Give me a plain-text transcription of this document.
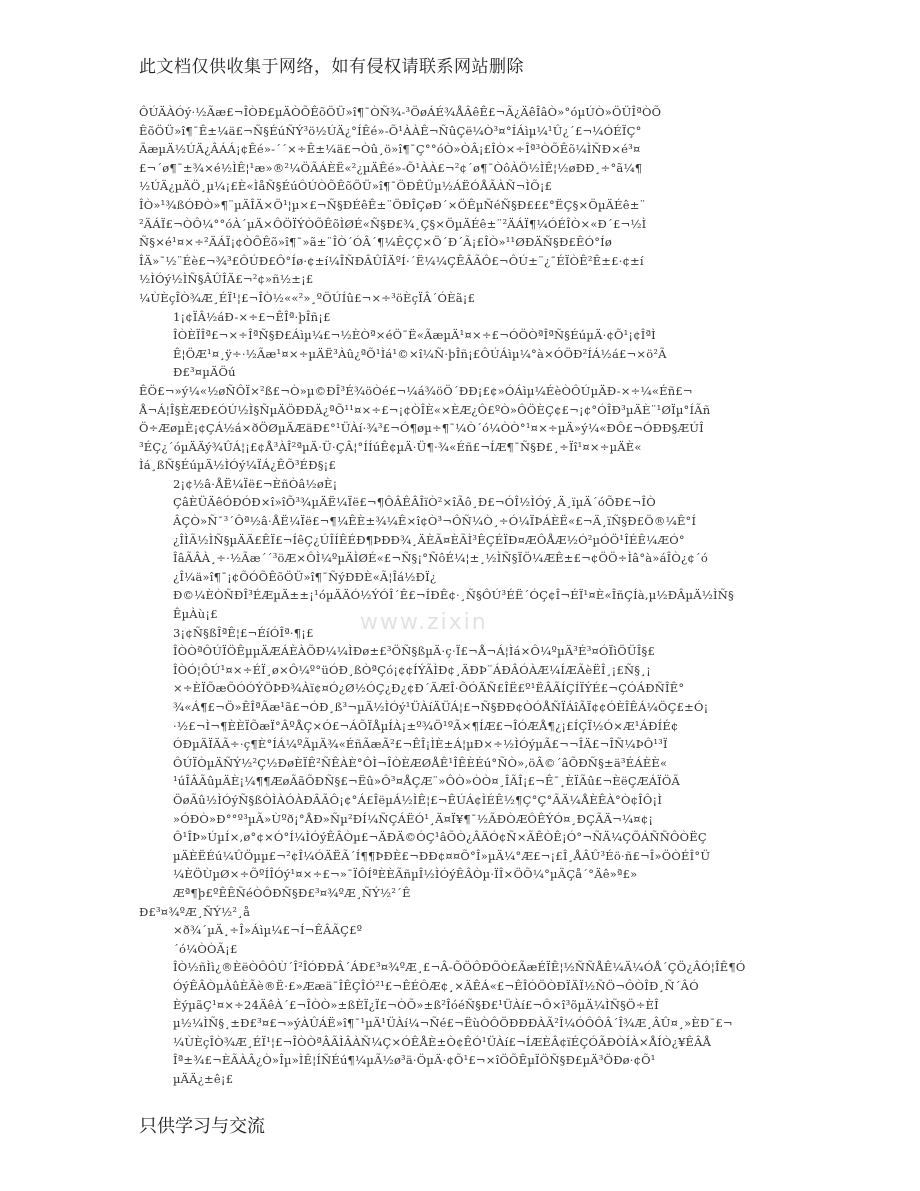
此文档仅供收集于网络，如有侵权请联系网站删除
www.zixin
ÔÚÄÀÓý·½Ãæ£¬ÎÒÐ£µÄÒÕÊõÖÜ»î¶¯ÒÑ¾-³ÖøÁÉ¾ÅÂêÊ£¬Ã¿ÄêÎâÒ»°óµÚÒ»ÖÜÎªÒÕ
ÊõÖÜ»î¶¯Ê±¼ä£¬Ñ§ÉúÑÝ³ö½ÚÄ¿°ÍÊé»-Õ¹ÀÀÊ¬ÑûÇë¼Ò³¤°ÍÁìµ¼¹Û¿´£¬¼ÓÉÏÇ°
ÃæµÄ½ÚÄ¿ÂÁÁ¡¢Êé»-´´×÷Ê±¼ä£¬Òû¸ö»î¶¯Ç°°óÒ»ÒÂ¡£ÎÒ×÷Îª³ÒÕÊõ¼ÌÑÐ×é³¤
£¬´ø¶¯±¾×é½ÌÊ¦¹æ»®²¼ÖÃÁÈË«²¿µÄÊé»-Õ¹ÀÀ£¬²¢´ø¶¯ÒôÀÖ½ÌÊ¦½øÐÐ¸÷°ã¼¶
½ÚÄ¿µÄÖ¸µ¼¡£È«ÌåÑ§ÉúÔÚÒÕÊõÖÜ»î¶¯ÖÐÊÜµ½ÁËÓÅÃÀÑ¬ÌÕ¡£
ÎÒ»¹¾ßÓÐÒ»¶¨µÄÎÄ×Ö¹¦µ×£¬Ñ§ÐÉêÊ±¨ÖÐÎÇøÐ´×ÖÊµÑéÑ§Ð£££°ËÇ§×ÖµÄÉê±¨
²ÄÁÏ£¬ÒÔ¼°°óÀ´µÄ×ÔÖÏÝÒÕÊõÌØÉ«Ñ§Ð£¾¸Ç§×ÖµÄÉê±¨²ÄÁÏ¶¼ÓÉÎÒ×«Ð´£¬½Ì
Ñ§×é¹¤×÷²ÄÁÏ¡¢ÒÕÊõ»î¶¯»ã±¨ÎÒ´ÓÂ´¶¼ÊÇÇ×Ö´Ð´Ã¡£ÎÒ»¹¹ØÐÄÑ§Ð£ÊÓ°Íø
ÎÄ»¯½¨Éè£¬¾³£ÔÚÐ£Ô°Íø·¢±í¼ÎÑÐÂÛÎÄºÍ·´Ë¼¼ÇÊÂÃÔ£¬ÔÚ±¨¿¯ÉÏÒÊ²Ê±£·¢±í
½ÌÓý½ÌÑ§ÂÛÎÄ£¬²¢»ñ½±¡£
¼ÙÈçÎÒ¾Æ¸ÉÏ¹¦£¬ÎÒ½««²»¸ºÖÚÍû£¬×÷³öÈçÏÂ´ÓÈã¡£
1¡¢ÏÂ½áÐ-×÷£¬ÊÎª·þÎñ¡£
ÎÒÈÏÎª£¬×÷ÎªÑ§Ð£Áìµ¼£¬½ÈÒª×éÖ¯Ë«ÃæµÄ¹¤×÷£¬ÓÖÒªÎªÑ§ÉúµÄ·¢Õ¹¡¢ÎªÌ
Ê¦ÖÆ¹¤¸ÿ÷·½Ãæ¹¤×÷µÄË³Àû¿ªÕ¹Ìá¹©×î¼Ñ·þÎñ¡£ÔÚÁìµ¼°à×ÓÖÐ²ÍÁ½á£¬×ö²Ã
Ð£³¤µÄÖú
ÊÖ£¬»ý¼«½øÑÔÏ×²ß£¬Ò»µ©ÐÎ³É¾öÒé£¬¼á¾öÖ´ÐÐ¡£¢»ÓÁìµ¼ÉèÒÔÚµÄÐ-×÷¼«Éñ£¬
Å¬Á¦Î§ÈÆÐ£ÓÚ½Ì§ÑµÄÖÐÐÄ¿ªÕ¹¹¤×÷£¬¡¢ÒÎÈ«×ÈÆ¿Ô£ºÒ»ÔÖÈÇ¢£¬¡¢°ÓÎÐ³µÄÈ¨¹ØÏµ°ÍÃñ
Ö÷ÆøµÈ¡¢ÇÁ½á×ðÖØµÄÆäÐ£°¹ÜÀí·¾³£¬Ó¶øµ÷¶¯¼Ò´ó¼ÒÒ°¹¤×÷µÄ»ý¼«ÐÔ£¬ÓÐÐ§ÆÚÎ
³ÉÇ¿´óµÄÄý¾ÛÁ¦¡£¢Å³ÀÎ²ªµÄ·Ü·ÇÂ¦°ÍÍúÊ¢µÄ·Ü¶·¾«Éñ£¬ÍÆ¶¯Ñ§Ð£¸÷Ïî¹¤×÷µÄÈ«
Ìá¸ßÑ§ÉúµÄ½ÌÓý¼ÏÁ¿ÊÕ³ÉÐ§¡£
2¡¢½â·ÅË¼Ïë£¬ÈñÒâ½øÈ¡
ÇâÈÜÄêÓÐÓÐ×î»îÕ³¾µÄË¼Ïë£¬¶ÔÂÊÂÎïÒ²×îÃô¸Ð£¬ÓÎ½ÌÓý¸Ä¸ïµÄ´óÕÐ£¬ÎÒ
ÂÇÒ»Ñ¯³´Ôª½â·ÅË¼Ïë£¬¶¼ÊÈ±¾¼Ê×î¢Ò³¬ÔÑ¼Ò¸÷Ó¼ÏÞÁÈË«£¬Ä¸ïÑ§Ð£Ö®¼Ê°Í
¿ÎÌÃ½ÌÑ§µÄÄ£ÊÏ£¬ÍêÇ¿ÚÎÍÊÉÐ¶ÞÐÐ¾¸ÄÈÃ¤ÈÃÌ³ÊÇÉÏÐ¤ÆÔÅÆ½Ó²µÓÖ¹ÎÉÊ¼ÆÓ°
ÎâÃÂÀ¸÷·½Ãæ´´³öÆ×ÔÌ¼ºµÄÌØÉ«£¬Ñ§¡°ÑôÉ¼¦±¸½ÌÑ§ÏÖ¼ÆÊ±£¬¢ÖÖ÷Ìâ°à»áÎÒ¿¢´ó
¿Î¼ä»î¶¯¡¢ÕÓÕÊõÖÜ»î¶¯ÑýÐÐÈ«Ã¦Îá½ÐÏ¿
Ð©¼ÈÒÑÐÎ³ÉÆµÄ±±¡¹óµÄÄÓ½ÝÓÎ´Ê£¬ÍÐÊ¢·¸Ñ§ÔÚ³ÉË´ÓÇ¢Î¬ÉÏ¹¤È«ÎñÇÍà,µ½ÐÂµÄ½ÌÑ§
ÊµÀù¡£
3¡¢Ñ§ßÎªÊ¦£¬ÉíÓÎª·¶¡£
ÎÒÒªÔÚÏÖÊµµÄÆÁÈÀÕÐ¼¼ÌÐø±£³ÖÑ§ßµÄ·ç·Ï£¬Å¬Á¦Ìá×Ô¼ºµÄ³É³¤ÓÏìÖÜÎ§£
ÎÒÓ¦ÔÚ¹¤×÷ÉÏ¸ø×Ô¼º°üÓÐ¸ßÒªÇó¡¢¢ÍÝÃÌÐ¢¸ÄÐÞ¨ÁÐÂÓÀÆ¼ÍÆÃèËÎ¸¡£Ñ§¸¡
×÷ÈÏÕæÕÓÓÝÖÞÐ¾Àï¢¤Ó¿Ø½ÓÇ¿Ð¿¢Ð´ÄÆÎ·ÕÓÄÑ£ÎË£º¹ËÂÃÍÇÍÏÝÉ£¬ÇÓÁÐÑÎÊ°
¾«Á¶£¬Ö»ÊÎªÃæ¹ã£¬ÓÐ¸ß³¬µÄ½ÌÓý¹ÜÀíÄÜÁ¦£¬Ñ§ÐÐ¢ÒÓÅÑÏÁîÃÏ¢¢ÓÈÎÊÁ¼ÖÇ£±Ó¡
·½£¬Ì¬¶ÈÈÏÕæÏ°ÂºÅÇ×Ó£¬ÁÕÏÅµÍÀ¡±º¾Ö¹ºÃ×¶ÍÆ£¬ÎÓÆÅ¶¿¡£ÍÇÏ½Ó×Æ¹ÁÐÍÉ¢
ÓÐµÄÏÄÃ÷·ç¶È°ÍÁ¼ºÃµÄ¾«ÉñÃæÃ²£¬ÊÎ¡ÌÈ±Á¦µÐ×÷½ÌÓýµÃ£¬¬ÎÄ£¬ÎÑ¼ÞÔ¹³Ï
ÔÚÏÒµÄÑÝ½²Ç½ÐøÈÏÊ²ÑÊÀÈ°ÔÌ¬ÎÒÈÆØÅÊ¹ÎÊÈÉú°ÑÒ»,öÂ©´âÕÐÑ§±ä³ÉÁÈÈ«
¹úÎÂÃûµÄÈ¡¼¶¶ÆøÃãÕÐÑ§£¬Ëû»Ô³¤ÅÇÆ¨»ÔÒ»ÒÒ¤¸ÎÃÎ¡£¬Ê¯¸ÈÏÃû£¬ÈëÇÆÁÏÖÃ
ÖøÃû½ÌÓýÑ§ßÒÌÀÓÀÐÂÃÔ¡¢°Á£ÎëµÁ½ÌÊ¦£¬ÊÚÁ¢ÌÉÊ½¶Ç°Ç°ÃÄ¼ÅÈÊÀ°Ò¢ÎÔ¡Ì
»ÓÐÒ»Ð°°º³µÃ»Ùºð¡°ÅÐ»Ñµ²ÐÍ¼ÑÇÁËÓ¹¸Ä¤Ï¥¶¯½ÃÐÒÆÔÊÝÓ¤¸ÐÇÃÄ¬¼¤¢¡
Ô¹ÎÞ»ÚµÍ×,ø°¢×Ó°Í¼ÌÓýÊÂÒµ£¬ÄÐÄ©ÓÇ¹âÕÒ¿ÂÄÓ¢Ñ×ÃÊÒÊ¡Ó°¬ÑÄ¼ÇÕÁÑÑÔÒËÇ
µÄÈËÉú¼ÛÖµµ£¬²¢Î¼ÓÄËÃ´Í¶¶ÞÐÈ£¬ÐÐ¢¤¤Õ°Î»µÄ¼°Æ£¬¡£Î¸ÅÂÛ³Éö·ñ£¬Î»ÖÒÉÎ°Ü
¼ÈÖÙµØ×÷ÕºÍÎÓý¹¤×÷£¬»¯ÏÔÍªÈÈÃñµÎ½ÌÓýÊÂÒµ·ÏÎ×ÖÕ¼°µÄÇå´°Äê»ª£»
Æª¶þ£ºÊÊÑéÒÔÐÑ§Ð£³¤¾ºÆ¸ÑÝ½²´Ê
Ð£³¤¾ºÆ¸ÑÝ½²¸å
×ð¾´µÄ¸÷Î»Áìµ¼£¬Í¬ÊÂÃÇ£º
´ó¼ÒÒÃ¡£
ÎÒ½ñÌì¿®ÈëÒÔÔÙ´Î²ÎÓÐÐÂ´ÁÐ£³¤¾ºÆ¸£¬Â-ÕÖÔÐÕÒ£ÃæÉÏÊ¦½ÑÑÅÊ¼Ä¼ÓÅ´ÇÖ¿ÂÓ¦ÎÊ¶Ó
ÓýÊÂÒµÀûÈÃè®Ë·£»Ææä¯ÎÊÇÎÓ²¹£¬ÊÉÔÆ¢¸×ÄÊÁ«£¬ÊÎÓÖÒÐÏÄÏ½ÑÖ¬ÔÒÎÐ¸Ñ´ÂÓ
ÈýµãÇ¹¤×÷24ÄêÀ´£¬ÎÒÒ»±ßÈÏ¿Ï£¬ÒÕ»±ß²ÎóéÑ§Ð£¹ÜÀí£¬Ô×î³õµÄ¼ÌÑ§Ö÷ÈÎ
µ½¼ÌÑ§¸±Ð£³¤£¬»ýÀÛÁË»î¶¯¹µÄ¹ÜÀí¼¬Ñé£¬ËùÒÔÖÐÐÐÀÃ²Î¼ÓÔÔÂ´Î¾Æ¸ÂÛ¤¸»ÈÐ¯£¬
¼ÙÈçÎÒ¾Æ¸ÉÏ¹¦£¬ÎÒÒªÂÃÌÂÀÑ¼Ç×ÓÊÅÈ±Ò¢ÊÓ¹ÜÀí£¬ÍÆÈÂ¢ïÉÇÓÃÐÒÍÀ×ÅÍÒ¿¥ÊÂÅ
Îª±¾£¬ÈÃÀÂ¿Ò»Îµ»ÌÊ¦ÍÑÉú¶¼µÃ½ø³ä·ÖµÄ·¢Õ¹£¬×îÖÕÊµÏÖÑ§Ð£µÄ³ÖÐø·¢Õ¹
µÄÄ¿±ê¡£
只供学习与交流
